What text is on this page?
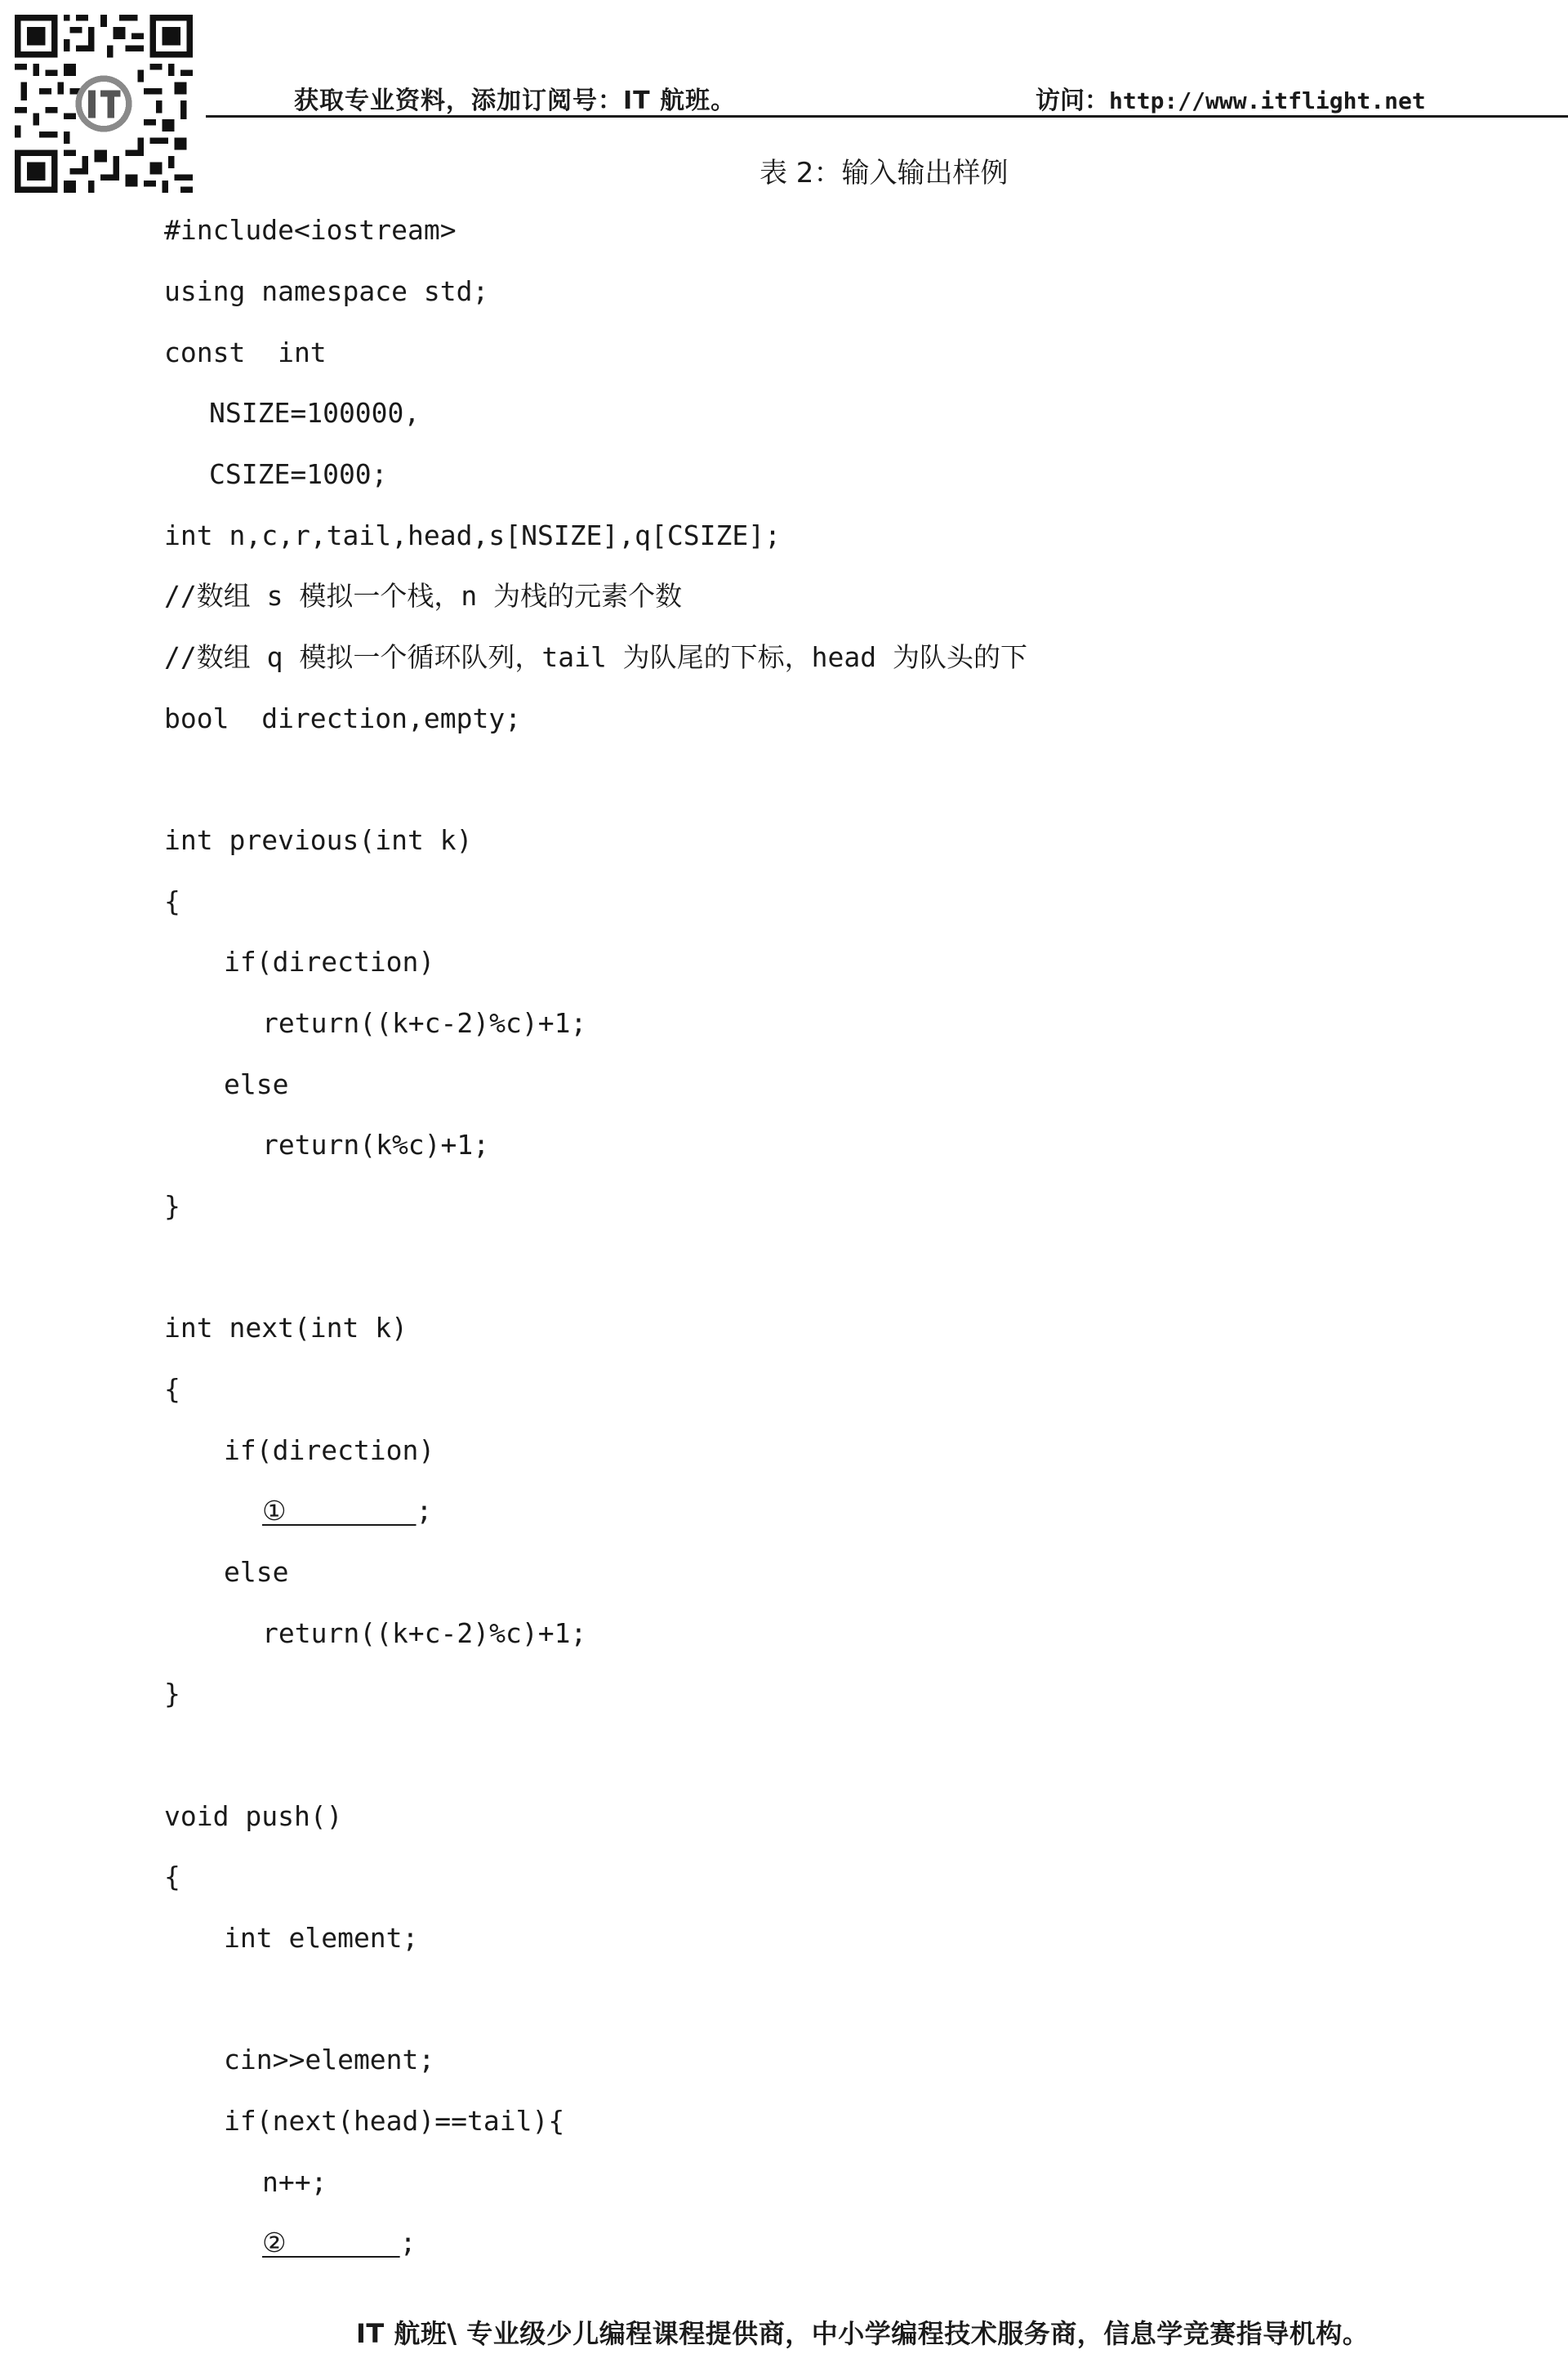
获取专业资料，添加订阅号：IT 航班。	访问：http://www.itflight.net
表 2：输入输出样例
#include<iostream>
using namespace std;
const  int
NSIZE=100000,
CSIZE=1000;
int n,c,r,tail,head,s[NSIZE],q[CSIZE];
//数组 s 模拟一个栈，n 为栈的元素个数
//数组 q 模拟一个循环队列，tail 为队尾的下标，head 为队头的下
bool  direction,empty;
int previous(int k)
{
if(direction)
return((k+c-2)%c)+1;
else
return(k%c)+1;
}
int next(int k)
{
if(direction)
①        ;
else
return((k+c-2)%c)+1;
}
void push()
{
int element;
cin>>element;
if(next(head)==tail){
n++;
②       ;
IT 航班\ 专业级少儿编程课程提供商，中小学编程技术服务商，信息学竞赛指导机构。
